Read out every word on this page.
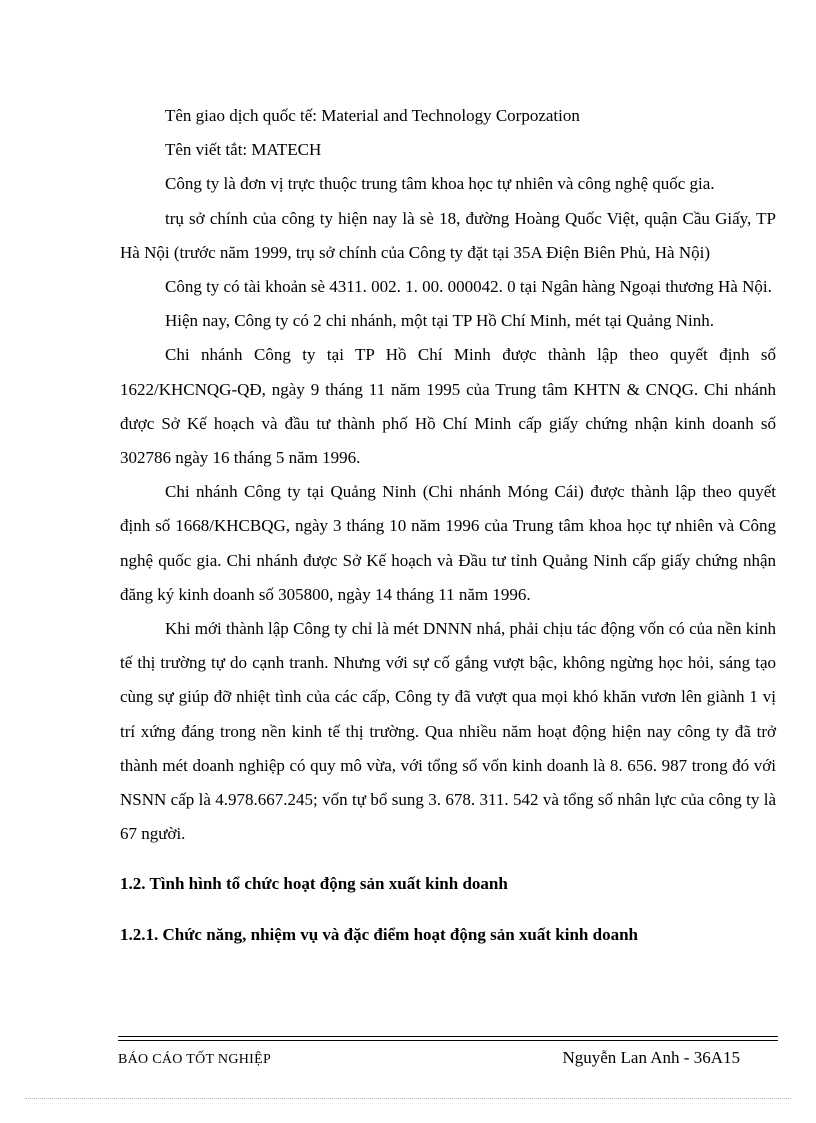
Tên giao dịch quốc tế: Material and Technology Corpozation

Tên viết tắt: MATECH

Công ty là đơn vị trực thuộc trung tâm khoa học tự nhiên và công nghệ quốc gia.

trụ sở chính của công ty hiện nay là sè 18, đường Hoàng Quốc Việt, quận Cầu Giấy, TP Hà Nội (trước năm 1999, trụ sở chính của Công ty đặt tại 35A Điện Biên Phủ, Hà Nội)

Công ty có tài khoản sè 4311. 002. 1. 00. 000042. 0 tại Ngân hàng Ngoại thương Hà Nội.

Hiện nay, Công ty có 2 chi nhánh, một tại TP Hồ Chí Minh, mét tại Quảng Ninh.

Chi nhánh Công ty tại TP Hồ Chí Minh được thành lập theo quyết định số 1622/KHCNQG-QĐ, ngày 9 tháng 11 năm 1995 của Trung tâm KHTN & CNQG. Chi nhánh được Sở Kế hoạch và đầu tư thành phố Hồ Chí Minh cấp giấy chứng nhận kinh doanh số 302786 ngày 16 tháng 5 năm 1996.

Chi nhánh Công ty tại Quảng Ninh (Chi nhánh Móng Cái) được thành lập theo quyết định số 1668/KHCBQG, ngày 3 tháng 10 năm 1996 của Trung tâm khoa học tự nhiên và Công nghệ quốc gia. Chi nhánh được Sở Kế hoạch và Đầu tư tỉnh Quảng Ninh cấp giấy chứng nhận đăng ký kinh doanh số 305800, ngày 14 tháng 11 năm 1996.

Khi mới thành lập Công ty chỉ là mét DNNN nhá, phải chịu tác động vốn có của nền kinh tế thị trường tự do cạnh tranh. Nhưng với sự cố gắng vượt bậc, không ngừng học hỏi, sáng tạo cùng sự giúp đỡ nhiệt tình của các cấp, Công ty đã vượt qua mọi khó khăn vươn lên giành 1 vị trí xứng đáng trong nền kinh tế thị trường. Qua nhiều năm hoạt động hiện nay công ty đã trở thành mét doanh nghiệp có quy mô vừa, với tổng số vốn kinh doanh là 8. 656. 987 trong đó với NSNN cấp là 4.978.667.245; vốn tự bổ sung 3. 678. 311. 542 và tổng số nhân lực của công ty là 67 người.

1.2. Tình hình tổ chức hoạt động sản xuất kinh doanh

1.2.1. Chức năng, nhiệm vụ và đặc điểm hoạt động sản xuất kinh doanh

BÁO CÁO TỐT NGHIỆP	Nguyễn Lan Anh - 36A15
